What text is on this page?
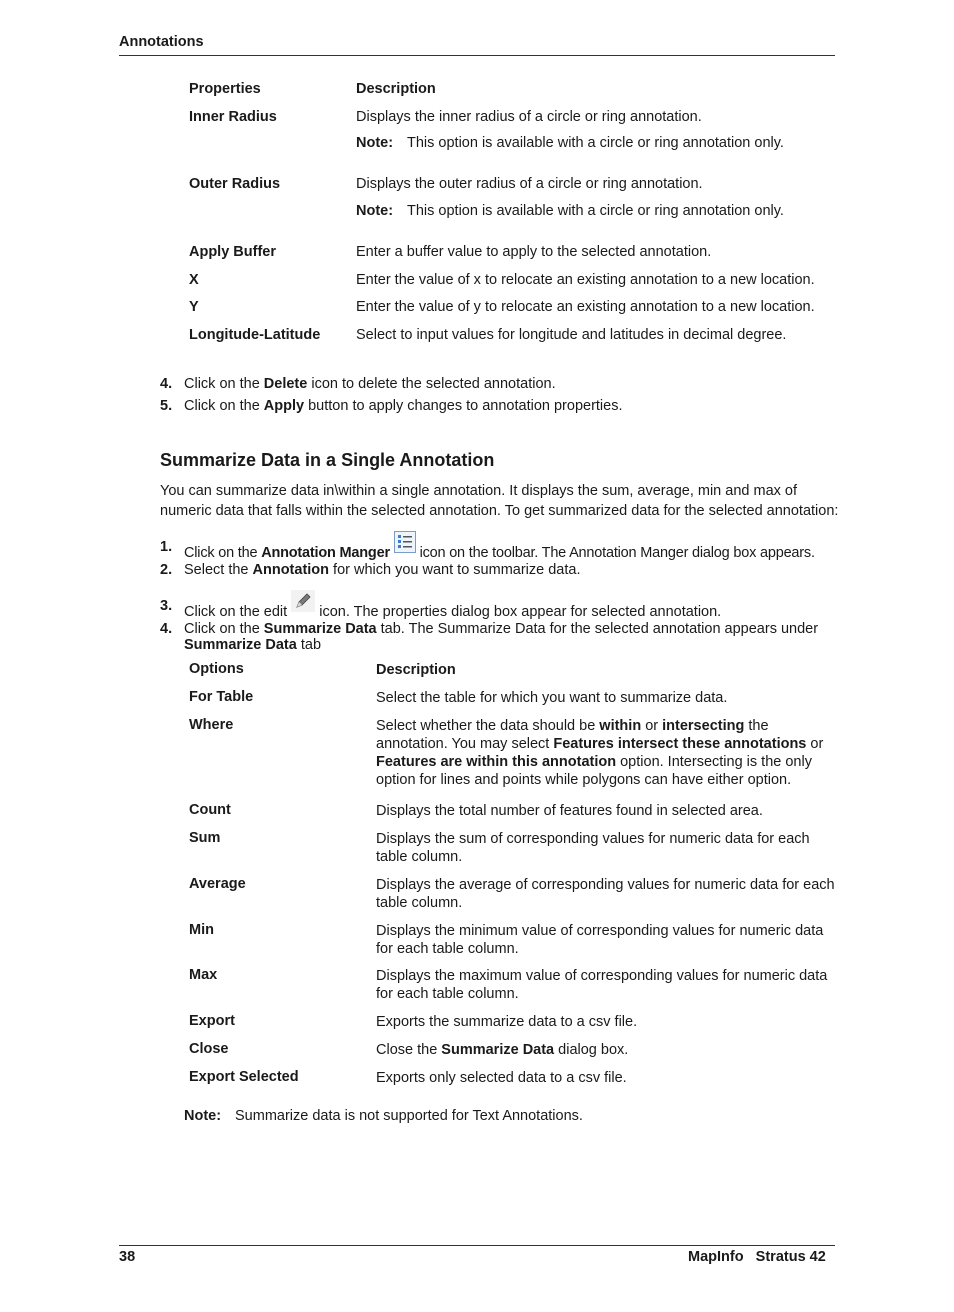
Annotations
Properties	Description
Inner Radius	Displays the inner radius of a circle or ring annotation.
Note: This option is available with a circle or ring annotation only.
Outer Radius	Displays the outer radius of a circle or ring annotation.
Note: This option is available with a circle or ring annotation only.
Apply Buffer	Enter a buffer value to apply to the selected annotation.
X	Enter the value of x to relocate an existing annotation to a new location.
Y	Enter the value of y to relocate an existing annotation to a new location.
Longitude-Latitude Select to input values for longitude and latitudes in decimal degree.
4. Click on the Delete icon to delete the selected annotation.
5. Click on the Apply button to apply changes to annotation properties.
Summarize Data in a Single Annotation
You can summarize data in\within a single annotation. It displays the sum, average, min and max of
numeric data that falls within the selected annotation. To get summarized data for the selected annotation:
1. Click on the Annotation Manger  icon on the toolbar. The Annotation Manger dialog box appears.
2. Select the Annotation for which you want to summarize data.
3. Click on the edit  icon. The properties dialog box appear for selected annotation.
4. Click on the Summarize Data tab. The Summarize Data for the selected annotation appears under
Summarize Data tab
Options	Description
For Table	Select the table for which you want to summarize data.
Where	Select whether the data should be within or intersecting the annotation. You may select Features intersect these annotations or Features are within this annotation option. Intersecting is the only option for lines and points while polygons can have either option.
Count	Displays the total number of features found in selected area.
Sum	Displays the sum of corresponding values for numeric data for each table column.
Average	Displays the average of corresponding values for numeric data for each table column.
Min	Displays the minimum value of corresponding values for numeric data for each table column.
Max	Displays the maximum value of corresponding values for numeric data for each table column.
Export	Exports the summarize data to a csv file.
Close	Close the Summarize Data dialog box.
Export Selected	Exports only selected data to a csv file.
Note: Summarize data is not supported for Text Annotations.
38	MapInfo Stratus 42
